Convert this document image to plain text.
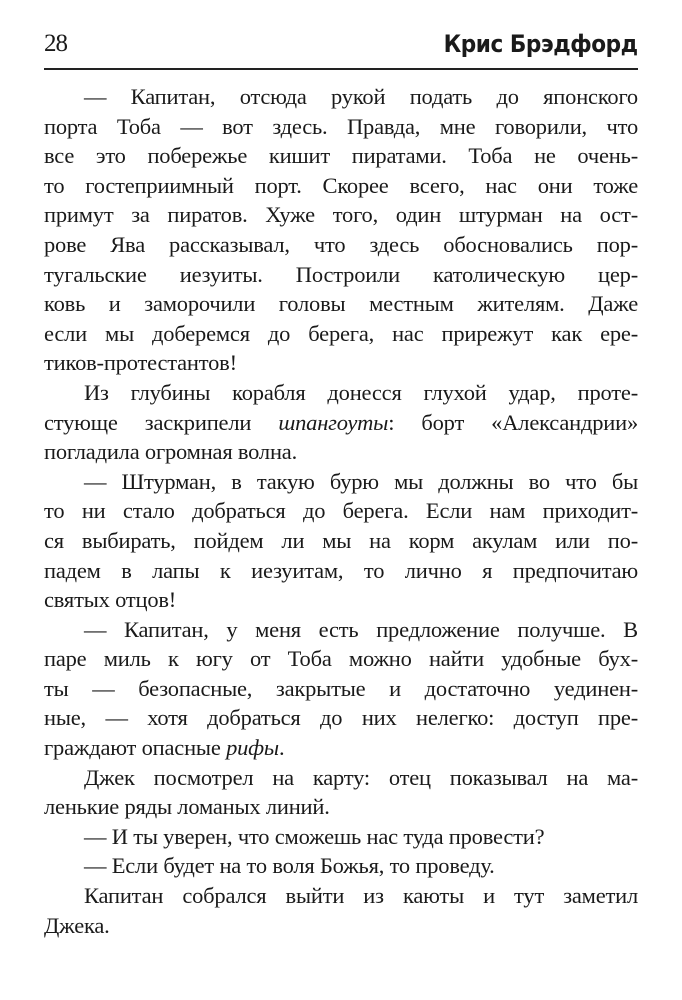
28	Крис Брэдфорд
— Капитан, отсюда рукой подать до японского
порта Тоба — вот здесь. Правда, мне говорили, что
все это побережье кишит пиратами. Тоба не очень-
то гостеприимный порт. Скорее всего, нас они тоже
примут за пиратов. Хуже того, один штурман на ост-
рове Ява рассказывал, что здесь обосновались пор-
тугальские иезуиты. Построили католическую цер-
ковь и заморочили головы местным жителям. Даже
если мы доберемся до берега, нас прирежут как ере-
тиков-протестантов!
Из глубины корабля донесся глухой удар, проте-
стующе заскрипели шпангоуты: борт «Александрии»
погладила огромная волна.
— Штурман, в такую бурю мы должны во что бы
то ни стало добраться до берега. Если нам приходит-
ся выбирать, пойдем ли мы на корм акулам или по-
падем в лапы к иезуитам, то лично я предпочитаю
святых отцов!
— Капитан, у меня есть предложение получше. В
паре миль к югу от Тоба можно найти удобные бух-
ты — безопасные, закрытые и достаточно уединен-
ные, — хотя добраться до них нелегко: доступ пре-
граждают опасные рифы.
Джек посмотрел на карту: отец показывал на ма-
ленькие ряды ломаных линий.
— И ты уверен, что сможешь нас туда провести?
— Если будет на то воля Божья, то проведу.
Капитан собрался выйти из каюты и тут заметил
Джека.
